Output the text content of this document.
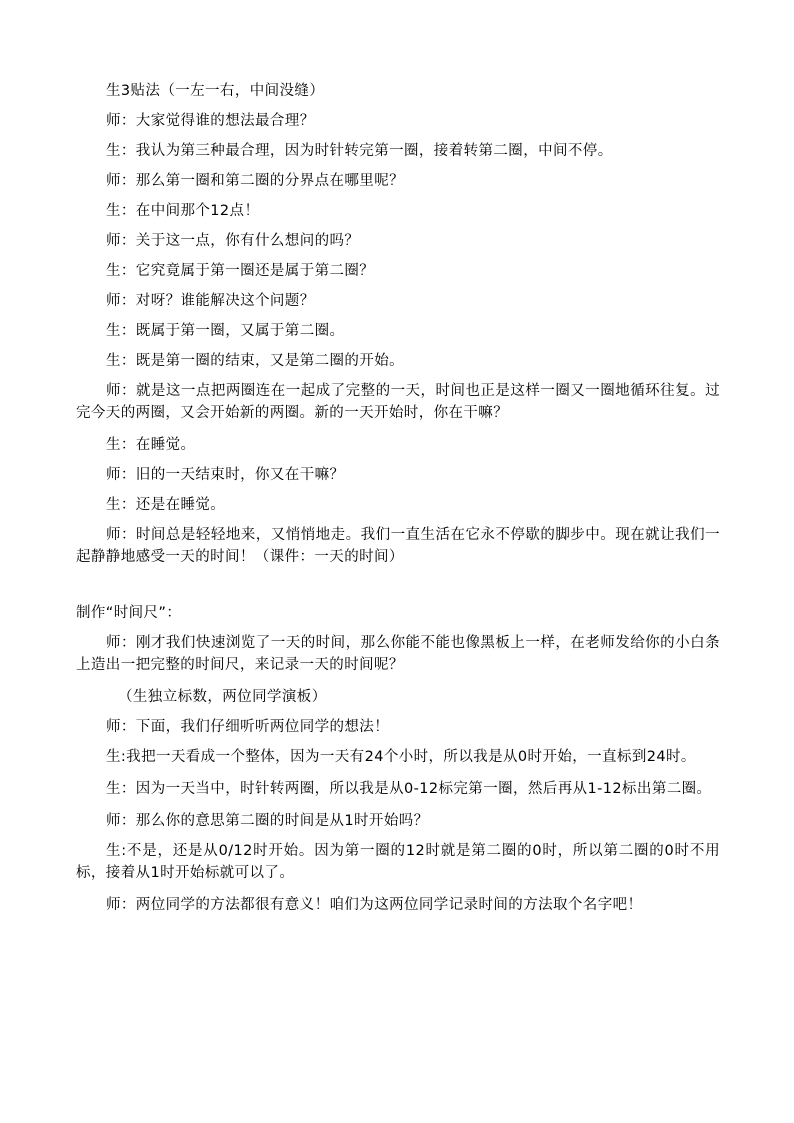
生3贴法（一左一右，中间没缝）

师：大家觉得谁的想法最合理？

生：我认为第三种最合理，因为时针转完第一圈，接着转第二圈，中间不停。

师：那么第一圈和第二圈的分界点在哪里呢？

生：在中间那个12点！

师：关于这一点，你有什么想问的吗？

生：它究竟属于第一圈还是属于第二圈？

师：对呀？谁能解决这个问题？

生：既属于第一圈，又属于第二圈。

生：既是第一圈的结束，又是第二圈的开始。

师：就是这一点把两圈连在一起成了完整的一天，时间也正是这样一圈又一圈地循环往复。过完今天的两圈，又会开始新的两圈。新的一天开始时，你在干嘛？

生：在睡觉。

师：旧的一天结束时，你又在干嘛？

生：还是在睡觉。

师：时间总是轻轻地来，又悄悄地走。我们一直生活在它永不停歇的脚步中。现在就让我们一起静静地感受一天的时间！（课件：一天的时间）

制作“时间尺”：

师：刚才我们快速浏览了一天的时间，那么你能不能也像黑板上一样，在老师发给你的小白条上造出一把完整的时间尺，来记录一天的时间呢？

（生独立标数，两位同学演板）

师：下面，我们仔细听听两位同学的想法！

生:我把一天看成一个整体，因为一天有24个小时，所以我是从0时开始，一直标到24时。

生：因为一天当中，时针转两圈，所以我是从0-12标完第一圈，然后再从1-12标出第二圈。

师：那么你的意思第二圈的时间是从1时开始吗？

生:不是，还是从0/12时开始。因为第一圈的12时就是第二圈的0时，所以第二圈的0时不用标，接着从1时开始标就可以了。

师：两位同学的方法都很有意义！咱们为这两位同学记录时间的方法取个名字吧！
